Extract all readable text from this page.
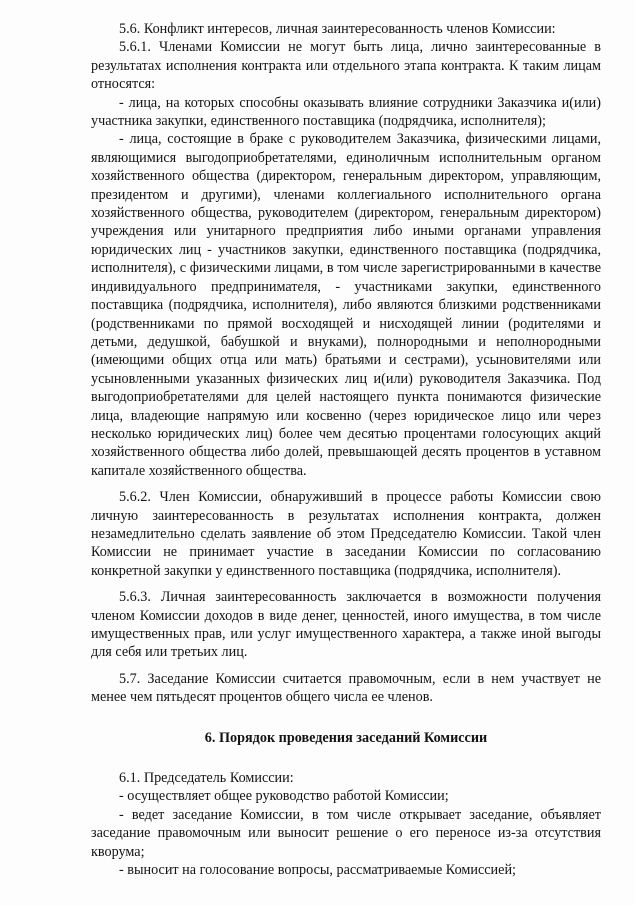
5.6. Конфликт интересов, личная заинтересованность членов Комиссии:

5.6.1. Членами Комиссии не могут быть лица, лично заинтересованные в результатах исполнения контракта или отдельного этапа контракта. К таким лицам относятся:

- лица, на которых способны оказывать влияние сотрудники Заказчика и(или) участника закупки, единственного поставщика (подрядчика, исполнителя);

- лица, состоящие в браке с руководителем Заказчика, физическими лицами, являющимися выгодоприобретателями, единоличным исполнительным органом хозяйственного общества (директором, генеральным директором, управляющим, президентом и другими), членами коллегиального исполнительного органа хозяйственного общества, руководителем (директором, генеральным директором) учреждения или унитарного предприятия либо иными органами управления юридических лиц - участников закупки, единственного поставщика (подрядчика, исполнителя), с физическими лицами, в том числе зарегистрированными в качестве индивидуального предпринимателя, - участниками закупки, единственного поставщика (подрядчика, исполнителя), либо являются близкими родственниками (родственниками по прямой восходящей и нисходящей линии (родителями и детьми, дедушкой, бабушкой и внуками), полнородными и неполнородными (имеющими общих отца или мать) братьями и сестрами), усыновителями или усыновленными указанных физических лиц и(или) руководителя Заказчика. Под выгодоприобретателями для целей настоящего пункта понимаются физические лица, владеющие напрямую или косвенно (через юридическое лицо или через несколько юридических лиц) более чем десятью процентами голосующих акций хозяйственного общества либо долей, превышающей десять процентов в уставном капитале хозяйственного общества.

5.6.2. Член Комиссии, обнаруживший в процессе работы Комиссии свою личную заинтересованность в результатах исполнения контракта, должен незамедлительно сделать заявление об этом Председателю Комиссии. Такой член Комиссии не принимает участие в заседании Комиссии по согласованию конкретной закупки у единственного поставщика (подрядчика, исполнителя).

5.6.3. Личная заинтересованность заключается в возможности получения членом Комиссии доходов в виде денег, ценностей, иного имущества, в том числе имущественных прав, или услуг имущественного характера, а также иной выгоды для себя или третьих лиц.

5.7. Заседание Комиссии считается правомочным, если в нем участвует не менее чем пятьдесят процентов общего числа ее членов.

6. Порядок проведения заседаний Комиссии

6.1. Председатель Комиссии:

- осуществляет общее руководство работой Комиссии;

- ведет заседание Комиссии, в том числе открывает заседание, объявляет заседание правомочным или выносит решение о его переносе из-за отсутствия кворума;

- выносит на голосование вопросы, рассматриваемые Комиссией;
